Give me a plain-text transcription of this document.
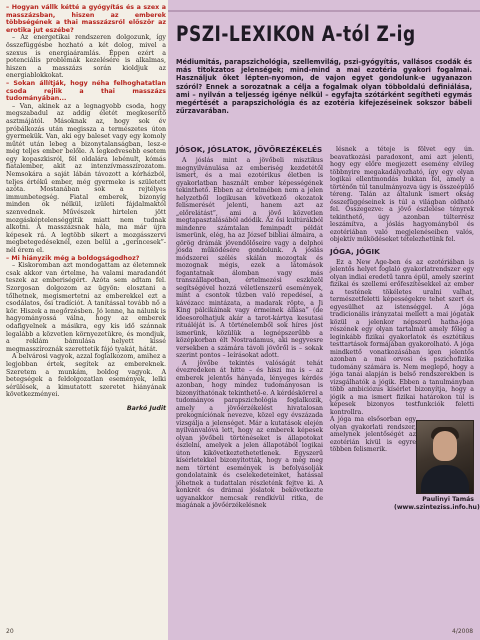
– Hogyan vállk kétté a gyógyítás és a szex a masszázsban, hiszen az emberek többségének a thai masszázsról először az erotika jut eszébe?

– Az energetikai rendszeren dolgozunk, így összefüggésbe hozható a két dolog, mivel a szexus is energiaáramlás. Éppen ezért a potenciális problémák kezelésére is alkalmas, hiszen a masszázs során kioldjuk az energiablokkokat.

– Sokan állítják, hogy néha felhoghatatlan csoda rejlik a thai masszázs tudományában...

– Van, akinek az a legnagyobb csoda, hogy megszabadul az addig életét megkeserítő asztmájától. Másoknak az, hogy sok év próbálkozás után megissza a természetes úton gyermekük. Van, aki egy baleset vagy egy komoly műtét után lebeg a bizonytalanságban, lesz-e még teljes ember belőle. A legkedvesebb esetem egy kopaszkisról, fél oldalára lebénult, kómás fiatalember, akit az intenzívmasszírozatom. Nemsokára a saját lábán távozott a kórházból, teljes értékű ember, még gyermeke is született azóta. Mostanában sok a rejtélyes immunbetegség. Fiatal emberek, bizonyíg minden ok nélkül, izületi fájdalmaktól szenvednek. Művészek hirtelen jött mozgásképtelenséggitik miatt nem tudnak alkotni. A masszázsnak hála, ma már újra képesek rá. A legtöbb sikert a mozgásszervi megbetegedéseknél, ezen belül a „gerincesek”-nél érem el.

– Mi hiányzik még a boldogságodhoz?

– Kiskoromban azt mondogattam az életemnek csak akkor van értelme, ha valami maradandót teszek az emberiségért. Azóta sem adtam fel. Szorgosan dolgozom az ügyön: elosztani a tőlhetnek, megismertetni az emberekkel ezt a csodálatos, ősi tradíciót. A tanítással tovább nő a kör. Hiszek a megőrzésben. Jó lenne, ha nálunk is hagyományossá válna, hogy az emberek odafigyelnek a másikra, egy kis idő szánnak legalább a közvetlen környezetükre, és mondjuk, a reklám bámulása helyett kissé megmasszíroznák szerettetik fájó tyakát, hátát.

A belvárosi vagyok, azzal foglalkozom, amihez a legjobban értek, segítek az embereknek. Szeretem a munkám, boldog vagyok. A betegségek a feldolgozatlan események, lelki sérülések, a kimutatott szeretet hiányának következményei.

Barkó Judit

PSZI-LEXIKON A-tól Z-ig
Médiumitás, parapszichológia, szellemvilág, pszi-gyógyítás, vallásos csodák és más titokzatos jelenségek; mind-mind a mai ezotéria gyakori fogalmai. Használjuk őket lépten-nyomon, de vajon egyet gondolunk-e ugyanazon szóról? Ennek a sorozatnak a célja a fogalmak olyan többoldalú definiálása, ami – nyilván a teljesség igénye nélkül – egyfajta szótárként segítheti egymás megértését a parapszichológia és az ezotéria kifejezéseinek sokszor bábeli zűrzavarában.
JÓSOK, JÓSLATOK, JÖVŐREZÉKELÉS

A jóslás mint a jövőbeli misztikus megnyilvánulása az emberiség kezdetétől ismert, és a mai ezotérikus életben is gyakorlatban használt ember képességének tekinthető. Ebben az értelmében nem a jelen helyzetből logikusan következő okozatok felismerését jelenti, hanem azt az „előrelátást”, ami a jövő közvetlen megtapasztalásából adódik. Az ősi kultúrákból mindenre számtalan feminpadt példát ismerünk, elég, ha az József bibliai álmaira, a görög drámák jövendölőseire vagy a delphoi jósda működésére gondolunk. A jóslás módszerei szélés skálán mozogtak és mozognak mégis, ezek a látomások fogantatnak álomban vagy más transzállapotban, értelmezési eszközöl segítségével hozzá véletlenszerű események, mint a csontok tűzben való repedései, a kávézacc mintázata, a madarak röpte, a Ji King pálcikáinak vagy érmeinek állása” (de ideesorolhatjuk akár a tarot-kártya kesutasi rituáléját is. A történelemből sok híres jóst ismerünk, közülük a legnépszerűbb a középkorban élt Nostradamus, aki negyvesre versekben a számára távoli jövőről is – sokak szerint pontos – leírásokat adott.

A jövőbe tekintés valóságát tehát évezredeken át hitte – és hiszi ma is – az emberek jelentős hányada, lényeges kérdés azonban, hogy mindez tudományosan is bizonyíthatónak tekinthető-e. A kérdéskörrel a tudományos parapszichológia foglalkozik, amely a jövőérzékelést hivatalosan prekogníciónak nevezve, közel egy évszázada vizsgálja a jelenséget. Már a kutatások elején nyilvánvalóvá lett, hogy az emberek képesek olyan jövőbeli történéseket is állapotokat észlelni, amelyek a jelen állapotából logikai úton kikövetkeztethetetlenek. Egyszerű kísérletekkel bizonyították, hogy a még meg nem történt események is befolyásolják gondolataink és cselekedeteinket, hatással jöhetnek a tudattalan részleténk fejtve ki. A konkrét és drámai jóslatok bekövetkezte ugyanakkor nemcsak rendkívül ritka, de magának a jövőérzékelésnek

lésnek a téteje is fölvet egy ún. beavatkozási paradoxont, ami azt jelenti, hogy egy előre megjezett esemény elvileg többnyire megakadályozható, így egy olyan logikai ellentmondás bukkan fel, amely a történőn túl tanulmányozva úgy is összeépülő téreng. Talán az általunk ismert okság összefüggéseinek is túl a világban oldható fel. Összegezve: a jövő észlelése tényrek tekinthető, úgy azonban túlterrész leszámítva, a jóslás hagyományból és ezotériában való megjelenéseiben valós, objektív működéseket tételezhetünk fel.

JÓGA, JÓGIK

Ez a New Age-ben és az ezotériában is jelentős helyet foglaló gyakorlatrendszer egy olyan indiai eredetű tanra épül, amely szerint fizikai és szellemi erőfeszítésekkel az ember a testének tökéletes uralni valhat, természetfeletti képességekre tehet szert és egyesülhet az istenséggel. A jóga tradicionális irányzatai mellett a mai jógatak közül a jelenkor népszerű hatha-jóga részének egy olyan tartalmát amely főleg a leginkább fizikai gyakorlatok és esztétikus testtartások formájában gyakorolható. A jóga mindkettő vonatkozásában igen jelentős azonban a mai orvosi és pszichofizika tudomány számára is. Nem meglepő, hogy a jóga tanai alapján is belső rendszerekben is vizsgálhatók a jógik. Ebben a tanulmányban több ambiciózus kísérlet bizonyítja, hogy a jógik a ma ismert fizikai határokon túl is képesek bizonyos testfunkciók feletti kontrollra.

A jóga ma elsősorban egy olyan gyakorlati rendszer, amelynek jelentőségét az ezotérián kívül is egyre többen felismerik.
Paulinyi Tamás
(www.szinteziss.info.hu)
20	4/2008
